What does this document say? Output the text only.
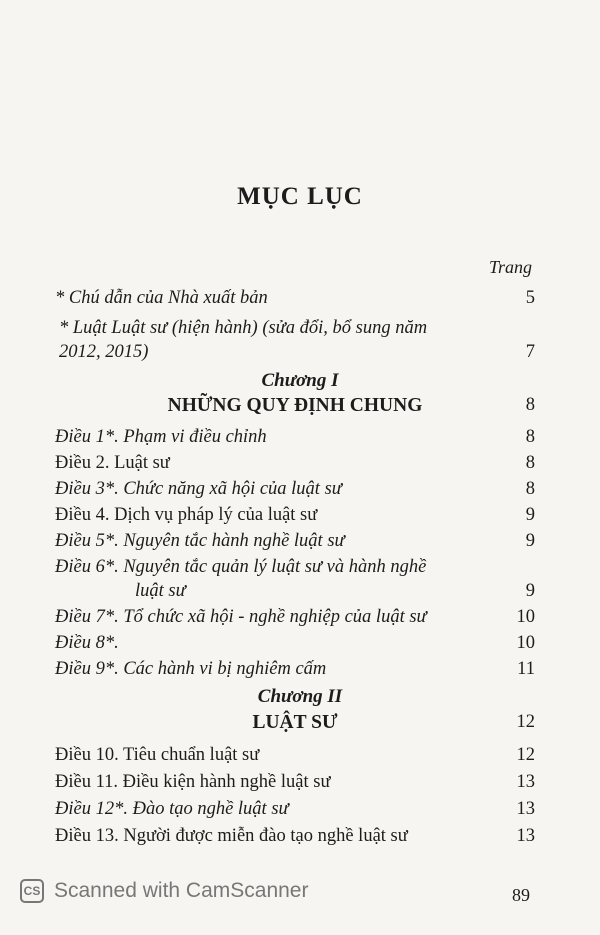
MỤC LỤC
Trang
* Chú dẫn của Nhà xuất bản	5
* Luật Luật sư (hiện hành) (sửa đổi, bổ sung năm
2012, 2015)	7
Chương I
NHỮNG QUY ĐỊNH CHUNG	8
Điều 1*. Phạm vi điều chỉnh	8
Điều 2. Luật sư	8
Điều 3*. Chức năng xã hội của luật sư	8
Điều 4. Dịch vụ pháp lý của luật sư	9
Điều 5*. Nguyên tắc hành nghề luật sư	9
Điều 6*. Nguyên tắc quản lý luật sư và hành nghề
luật sư	9
Điều 7*. Tổ chức xã hội - nghề nghiệp của luật sư	10
Điều 8*.	10
Điều 9*. Các hành vi bị nghiêm cấm	11
Chương II
LUẬT SƯ	12
Điều 10. Tiêu chuẩn luật sư	12
Điều 11. Điều kiện hành nghề luật sư	13
Điều 12*. Đào tạo nghề luật sư	13
Điều 13. Người được miễn đào tạo nghề luật sư	13
CS Scanned with CamScanner	89
